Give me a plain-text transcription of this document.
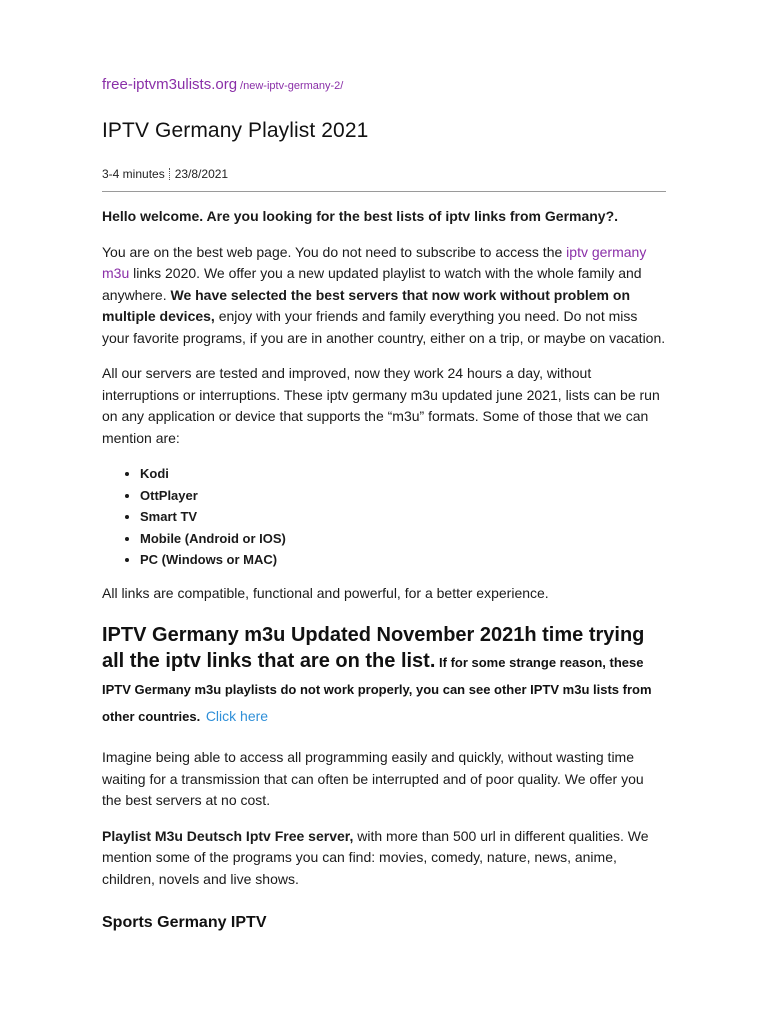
free-iptvm3ulists.org /new-iptv-germany-2/
IPTV Germany Playlist 2021
3-4 minutes 23/8/2021

Hello welcome. Are you looking for the best lists of iptv links from Germany?.

You are on the best web page. You do not need to subscribe to access the iptv germany m3u links 2020. We offer you a new updated playlist to watch with the whole family and anywhere. We have selected the best servers that now work without problem on multiple devices, enjoy with your friends and family everything you need. Do not miss your favorite programs, if you are in another country, either on a trip, or maybe on vacation.

All our servers are tested and improved, now they work 24 hours a day, without interruptions or interruptions. These iptv germany m3u updated june 2021, lists can be run on any application or device that supports the “m3u” formats. Some of those that we can mention are:

• Kodi
• OttPlayer
• Smart TV
• Mobile (Android or IOS)
• PC (Windows or MAC)

All links are compatible, functional and powerful, for a better experience.

IPTV Germany m3u Updated November 2021h time trying all the iptv links that are on the list. If for some strange reason, these IPTV Germany m3u playlists do not work properly, you can see other IPTV m3u lists from other countries. Click here

Imagine being able to access all programming easily and quickly, without wasting time waiting for a transmission that can often be interrupted and of poor quality. We offer you the best servers at no cost.

Playlist M3u Deutsch Iptv Free server, with more than 500 url in different qualities. We mention some of the programs you can find: movies, comedy, nature, news, anime, children, novels and live shows.

Sports Germany IPTV
